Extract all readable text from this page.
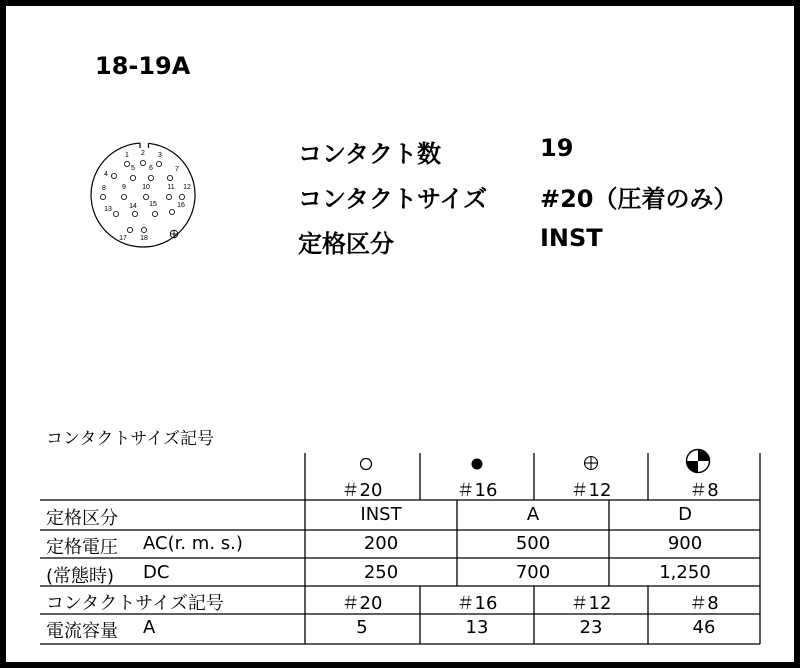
18-19A
1 2 3
4
5 6	7
8 9 10 11 12
13 14 15	16
17 18
コンタクト数	19
コンタクトサイズ #20（圧着のみ）
定格区分	INST
コンタクトサイズ記号
＃20	＃16	＃12	＃8
定格区分	INST	A	D
定格電圧 AC(r. m. s.)	200	500	900
(常態時) DC	250	700	1,250
コンタクトサイズ記号	＃20	＃16	＃12	＃8
電流容量 A	5	13	23	46
